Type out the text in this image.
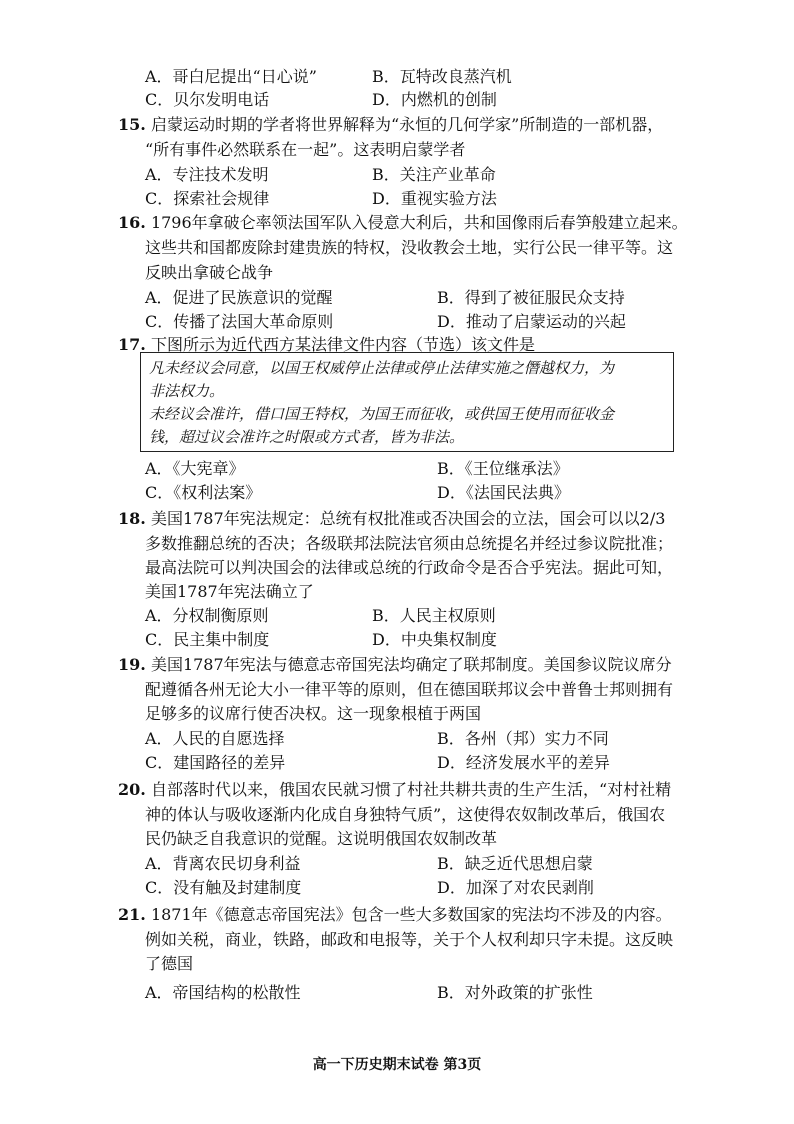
A．哥白尼提出“日心说”	B．瓦特改良蒸汽机
C．贝尔发明电话	D．内燃机的创制
15. 启蒙运动时期的学者将世界解释为“永恒的几何学家”所制造的一部机器，
“所有事件必然联系在一起”。这表明启蒙学者
A．专注技术发明	B．关注产业革命
C．探索社会规律	D．重视实验方法
16. 1796年拿破仑率领法国军队入侵意大利后，共和国像雨后春笋般建立起来。
这些共和国都废除封建贵族的特权，没收教会土地，实行公民一律平等。这
反映出拿破仑战争
A．促进了民族意识的觉醒	B．得到了被征服民众支持
C．传播了法国大革命原则	D．推动了启蒙运动的兴起
17. 下图所示为近代西方某法律文件内容（节选）该文件是
凡未经议会同意，以国王权威停止法律或停止法律实施之僭越权力，为
非法权力。
未经议会准许，借口国王特权，为国王而征收，或供国王使用而征收金
钱，超过议会准许之时限或方式者，皆为非法。
A．《大宪章》	B．《王位继承法》
C．《权利法案》	D．《法国民法典》
18. 美国1787年宪法规定：总统有权批准或否决国会的立法，国会可以以2/3
多数推翻总统的否决；各级联邦法院法官须由总统提名并经过参议院批准；
最高法院可以判决国会的法律或总统的行政命令是否合乎宪法。据此可知，
美国1787年宪法确立了
A．分权制衡原则	B．人民主权原则
C．民主集中制度	D．中央集权制度
19. 美国1787年宪法与德意志帝国宪法均确定了联邦制度。美国参议院议席分
配遵循各州无论大小一律平等的原则，但在德国联邦议会中普鲁士邦则拥有
足够多的议席行使否决权。这一现象根植于两国
A．人民的自愿选择	B．各州（邦）实力不同
C．建国路径的差异	D．经济发展水平的差异
20. 自部落时代以来，俄国农民就习惯了村社共耕共责的生产生活，“对村社精
神的体认与吸收逐渐内化成自身独特气质”，这使得农奴制改革后，俄国农
民仍缺乏自我意识的觉醒。这说明俄国农奴制改革
A．背离农民切身利益	B．缺乏近代思想启蒙
C．没有触及封建制度	D．加深了对农民剥削
21. 1871年《德意志帝国宪法》包含一些大多数国家的宪法均不涉及的内容。
例如关税，商业，铁路，邮政和电报等，关于个人权利却只字未提。这反映
了德国
A．帝国结构的松散性	B．对外政策的扩张性
高一下历史期末试卷 第3页
